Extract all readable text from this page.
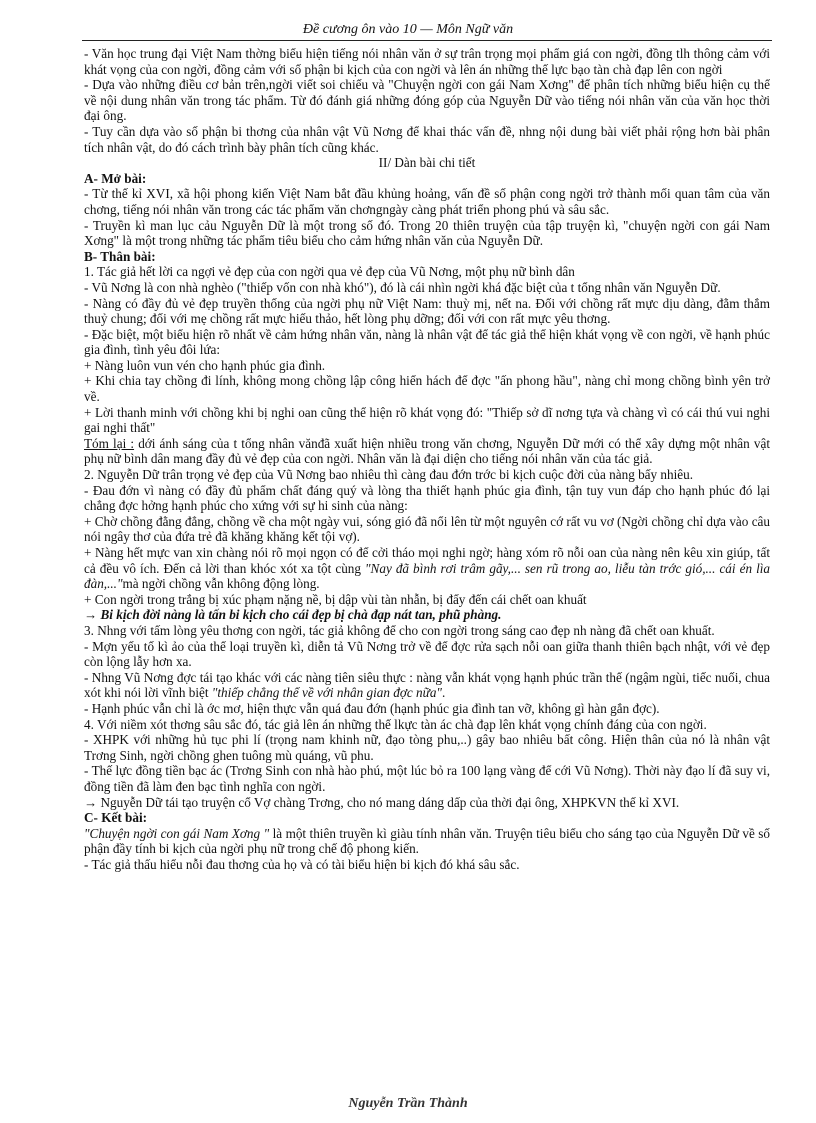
Đề cương ôn vào 10 — Môn Ngữ văn

- Văn học trung đại Việt Nam thờng biểu hiện tiếng nói nhân văn ở sự trân trọng mọi phẩm giá con ngời, đồng tlh thông cảm với khát vọng của con ngời, đồng cảm với số phận bi kịch của con ngời và lên án những thế lực bạo tàn chà đạp lên con ngời

- Dựa vào những điều cơ bản trên,ngời viết soi chiếu và "Chuyện ngời con gái Nam Xơng" để phân tích những biểu hiện cụ thể về nội dung nhân văn trong tác phẩm. Từ đó đánh giá những đóng góp của Nguyễn Dữ vào tiếng nói nhân văn của văn học thời đại ông.

- Tuy cần dựa vào số phận bi thơng của nhân vật Vũ Nơng để khai thác vấn đề, nhng nội dung bài viết phải rộng hơn bài phân tích nhân vật, do đó cách trình bày phân tích cũng khác.

II/ Dàn bài chi tiết

A- Mở bài:

- Từ thế kỉ XVI, xã hội phong kiến Việt Nam bắt đầu khủng hoảng, vấn đề số phận cong ngời trở thành mối quan tâm của văn chơng, tiếng nói nhân văn trong các tác phẩm văn chơngngày càng phát triển phong phú và sâu sắc.

- Truyền kì man lục cảu Nguyễn Dữ là một trong số đó. Trong 20 thiên truyện của tập truyện kì, "chuyện ngời con gái Nam Xơng" là một trong những tác phẩm tiêu biểu cho cảm hứng nhân văn của Nguyễn Dữ.

B- Thân bài:

1. Tác giả hết lời ca ngợi vẻ đẹp của con ngời qua vẻ đẹp của Vũ Nơng, một phụ nữ bình dân

- Vũ Nơng là con nhà nghèo ("thiếp vốn con nhà khó"), đó là cái nhìn ngời khá đặc biệt của t tổng nhân văn Nguyễn Dữ.

- Nàng có đầy đủ vẻ đẹp truyền thống của ngời phụ nữ Việt Nam: thuỳ mị, nết na. Đối với chồng rất mực dịu dàng, đằm thắm thuỷ chung; đối với mẹ chồng rất mực hiếu thảo, hết lòng phụ dỡng; đối với con rất mực yêu thơng.

- Đặc biệt, một biểu hiện rõ nhất về cảm hứng nhân văn, nàng là nhân vật để tác giả thể hiện khát vọng về con ngời, về hạnh phúc gia đình, tình yêu đôi lứa:

+ Nàng luôn vun vén cho hạnh phúc gia đình.

+ Khi chia tay chồng đi lính, không mong chồng lập công hiển hách để đợc "ấn phong hầu", nàng chỉ mong chồng bình yên trở về.

+ Lời thanh minh với chồng khi bị nghi oan cũng thể hiện rõ khát vọng đó: "Thiếp sở dĩ nơng tựa và chàng vì có cái thú vui nghi gai nghi thất"

Tóm lại : dới ánh sáng của t tổng nhân vănđã xuất hiện nhiều trong văn chơng, Nguyễn Dữ mới có thể xây dựng một nhân vật phụ nữ bình dân mang đầy đủ vẻ đẹp của con ngời. Nhân văn là đại diện cho tiếng nói nhân văn của tác giả.

2. Nguyễn Dữ trân trọng vẻ đẹp của Vũ Nơng bao nhiêu thì càng đau đớn trớc bi kịch cuộc đời của nàng bấy nhiêu.

- Đau đớn vì nàng có đầy đủ phẩm chất đáng quý và lòng tha thiết hạnh phúc gia đình, tận tuy vun đáp cho hạnh phúc đó lại chẳng đợc hởng hạnh phúc cho xứng với sự hi sinh của nàng:

+ Chờ chồng đằng đẳng, chồng về cha một ngày vui, sóng gió đã nổi lên từ một nguyên cớ rất vu vơ (Ngời chồng chỉ dựa vào câu nói ngây thơ của đứa trẻ đã khăng khăng kết tội vợ).

+ Nàng hết mực van xin chàng nói rõ mọi ngọn có để cởi tháo mọi nghi ngờ; hàng xóm rõ nỗi oan của nàng nên kêu xin giúp, tất cả đều vô ích. Đến cả lời than khóc xót xa tột cùng "Nay đã bình rơi trâm gãy,... sen rũ trong ao, liễu tàn trớc gió,... cái én lìa đàn,..."mà ngời chồng vẫn không động lòng.

+ Con ngời trong trắng bị xúc phạm nặng nề, bị dập vùi tàn nhẫn, bị đẩy đến cái chết oan khuất

→ Bi kịch đời nàng là tấn bi kịch cho cái đẹp bị chà đạp nát tan, phũ phàng.

3. Nhng với tấm lòng yêu thơng con ngời, tác giả không để cho con ngời trong sáng cao đẹp nh nàng đã chết oan khuất.

- Mợn yếu tố kì ảo của thể loại truyền kì, diễn tả Vũ Nơng trở về để đợc rửa sạch nỗi oan giữa thanh thiên bạch nhật, với vẻ đẹp còn lộng lẫy hơn xa.

- Nhng Vũ Nơng đợc tái tạo khác với các nàng tiên siêu thực : nàng vẫn khát vọng hạnh phúc trần thế (ngậm ngùi, tiếc nuối, chua xót khi nói lời vĩnh biệt "thiếp chẳng thể về với nhân gian đợc nữa".

- Hạnh phúc vẫn chỉ là ớc mơ, hiện thực vẫn quá đau đớn (hạnh phúc gia đình tan vỡ, không gì hàn gắn đợc).

4. Với niềm xót thơng sâu sắc đó, tác giả lên án những thế lkực tàn ác chà đạp lên khát vọng chính đáng của con ngời.

- XHPK với những hủ tục phi lí (trọng nam khinh nữ, đạo tòng phu,..) gây bao nhiêu bất công. Hiện thân của nó là nhân vật Trơng Sinh, ngời chồng ghen tuông mù quáng, vũ phu.

- Thế lực đồng tiền bạc ác (Trơng Sinh con nhà hào phú, một lúc bỏ ra 100 lạng vàng để cới Vũ Nơng). Thời này đạo lí đã suy vi, đồng tiền đã làm đen bạc tình nghĩa con ngời.

→ Nguyễn Dữ tái tạo truyện cổ Vợ chàng Trơng, cho nó mang dáng dấp của thời đại ông, XHPKVN thế kỉ XVI.

C- Kết bài:

"Chuyện ngời con gái Nam Xơng " là một thiên truyền kì giàu tính nhân văn. Truyện tiêu biểu cho sáng tạo của Nguyễn Dữ về số phận đầy tính bi kịch của ngời phụ nữ trong chế độ phong kiến.

- Tác giả thấu hiểu nỗi đau thơng của họ và có tài biểu hiện bi kịch đó khá sâu sắc.

Nguyễn Trần Thành
